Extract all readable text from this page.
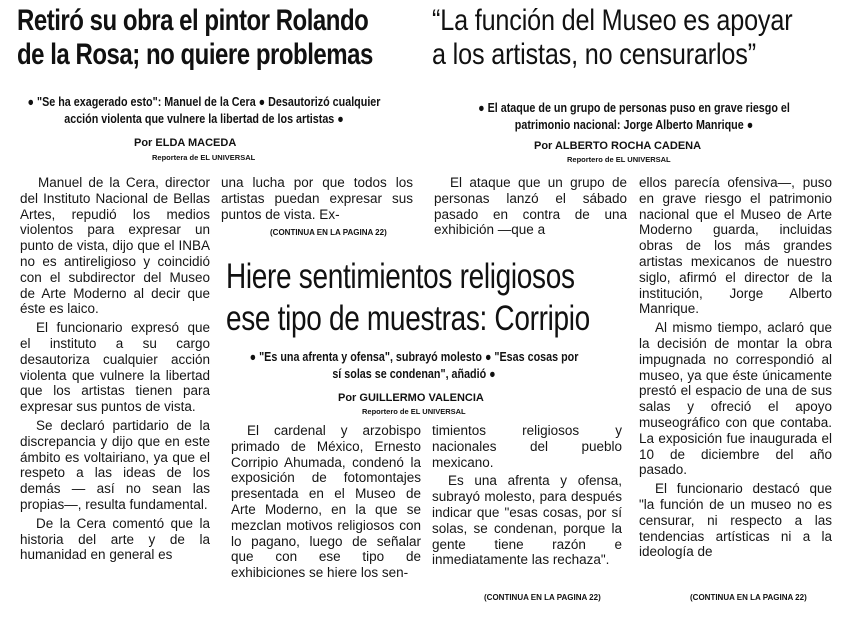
Retiró su obra el pintor Rolando
de la Rosa; no quiere problemas
● "Se ha exagerado esto": Manuel de la Cera ● Desautorizó cualquier
acción violenta que vulnere la libertad de los artistas ●
Por ELDA MACEDA
Reportera de EL UNIVERSAL

Manuel de la Cera, director del Instituto Nacional de Bellas Artes, repudió los medios violentos para expresar un punto de vista, dijo que el INBA no es antireligioso y coincidió con el subdirector del Museo de Arte Moderno al decir que éste es laico.

El funcionario expresó que el instituto a su cargo desautoriza cualquier acción violenta que vulnere la libertad que los artistas tienen para expresar sus puntos de vista.

Se declaró partidario de la discrepancia y dijo que en este ámbito es voltairiano, ya que el respeto a las ideas de los demás — así no sean las propias—, resulta fundamental.

De la Cera comentó que la historia del arte y de la humanidad en general es

una lucha por que todos los artistas puedan expresar sus puntos de vista. Ex-

(CONTINUA EN LA PAGINA 22)
“La función del Museo es apoyar
a los artistas, no censurarlos”
● El ataque de un grupo de personas puso en grave riesgo el
patrimonio nacional: Jorge Alberto Manrique ●
Por ALBERTO ROCHA CADENA
Reportero de EL UNIVERSAL

El ataque que un grupo de personas lanzó el sábado pasado en contra de una exhibición —que a

ellos parecía ofensiva—, puso en grave riesgo el patrimonio nacional que el Museo de Arte Moderno guarda, incluidas obras de los más grandes artistas mexicanos de nuestro siglo, afirmó el director de la institución, Jorge Alberto Manrique.

Al mismo tiempo, aclaró que la decisión de montar la obra impugnada no correspondió al museo, ya que éste únicamente prestó el espacio de una de sus salas y ofreció el apoyo museográfico con que contaba. La exposición fue inaugurada el 10 de diciembre del año pasado.

El funcionario destacó que "la función de un museo no es censurar, ni respecto a las tendencias artísticas ni a la ideología de

(CONTINUA EN LA PAGINA 22)
Hiere sentimientos religiosos
ese tipo de muestras: Corripio
● "Es una afrenta y ofensa", subrayó molesto ● "Esas cosas por
sí solas se condenan", añadió ●
Por GUILLERMO VALENCIA
Reportero de EL UNIVERSAL

El cardenal y arzobispo primado de México, Ernesto Corripio Ahumada, condenó la exposición de fotomontajes presentada en el Museo de Arte Moderno, en la que se mezclan motivos religiosos con lo pagano, luego de señalar que con ese tipo de exhibiciones se hiere los sen-

timientos religiosos y nacionales del pueblo mexicano.

Es una afrenta y ofensa, subrayó molesto, para después indicar que "esas cosas, por sí solas, se condenan, porque la gente tiene razón e inmediatamente las rechaza".

(CONTINUA EN LA PAGINA 22)
